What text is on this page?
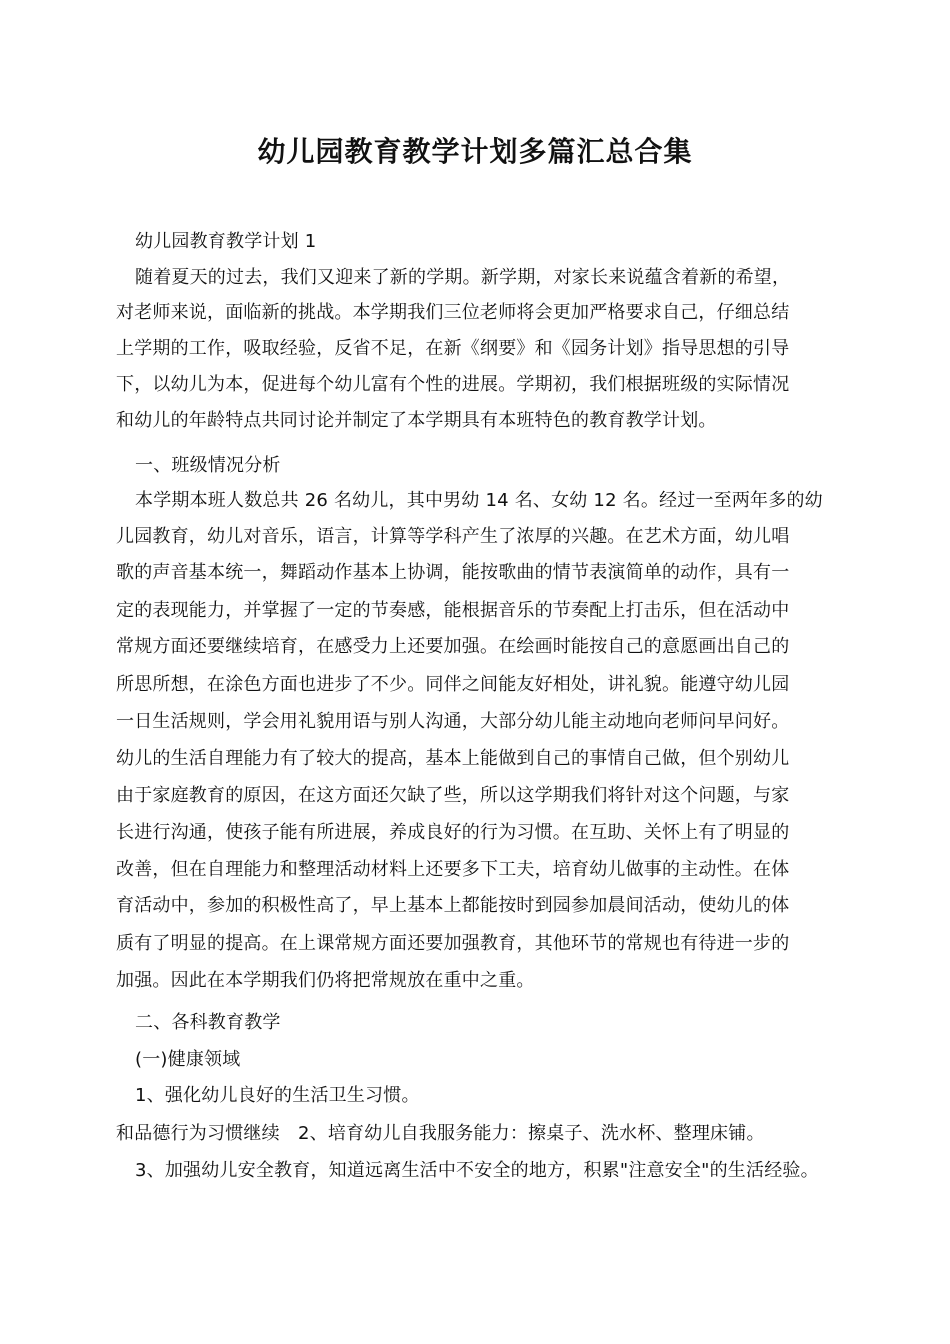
幼儿园教育教学计划多篇汇总合集
幼儿园教育教学计划 1
随着夏天的过去，我们又迎来了新的学期。新学期，对家长来说蕴含着新的希望，
对老师来说，面临新的挑战。本学期我们三位老师将会更加严格要求自己，仔细总结
上学期的工作，吸取经验，反省不足，在新《纲要》和《园务计划》指导思想的引导
下，以幼儿为本，促进每个幼儿富有个性的进展。学期初，我们根据班级的实际情况
和幼儿的年龄特点共同讨论并制定了本学期具有本班特色的教育教学计划。
一、班级情况分析
本学期本班人数总共 26 名幼儿，其中男幼 14 名、女幼 12 名。经过一至两年多的幼
儿园教育，幼儿对音乐，语言，计算等学科产生了浓厚的兴趣。在艺术方面，幼儿唱
歌的声音基本统一，舞蹈动作基本上协调，能按歌曲的情节表演简单的动作，具有一
定的表现能力，并掌握了一定的节奏感，能根据音乐的节奏配上打击乐，但在活动中
常规方面还要继续培育，在感受力上还要加强。在绘画时能按自己的意愿画出自己的
所思所想，在涂色方面也进步了不少。同伴之间能友好相处，讲礼貌。能遵守幼儿园
一日生活规则，学会用礼貌用语与别人沟通，大部分幼儿能主动地向老师问早问好。
幼儿的生活自理能力有了较大的提高，基本上能做到自己的事情自己做，但个别幼儿
由于家庭教育的原因，在这方面还欠缺了些，所以这学期我们将针对这个问题，与家
长进行沟通，使孩子能有所进展，养成良好的行为习惯。在互助、关怀上有了明显的
改善，但在自理能力和整理活动材料上还要多下工夫，培育幼儿做事的主动性。在体
育活动中，参加的积极性高了，早上基本上都能按时到园参加晨间活动，使幼儿的体
质有了明显的提高。在上课常规方面还要加强教育，其他环节的常规也有待进一步的
加强。因此在本学期我们仍将把常规放在重中之重。
二、各科教育教学
(一)健康领域
1、强化幼儿良好的生活卫生习惯。
和品德行为习惯继续　2、培育幼儿自我服务能力：擦桌子、洗水杯、整理床铺。
3、加强幼儿安全教育，知道远离生活中不安全的地方，积累"注意安全"的生活经验。
